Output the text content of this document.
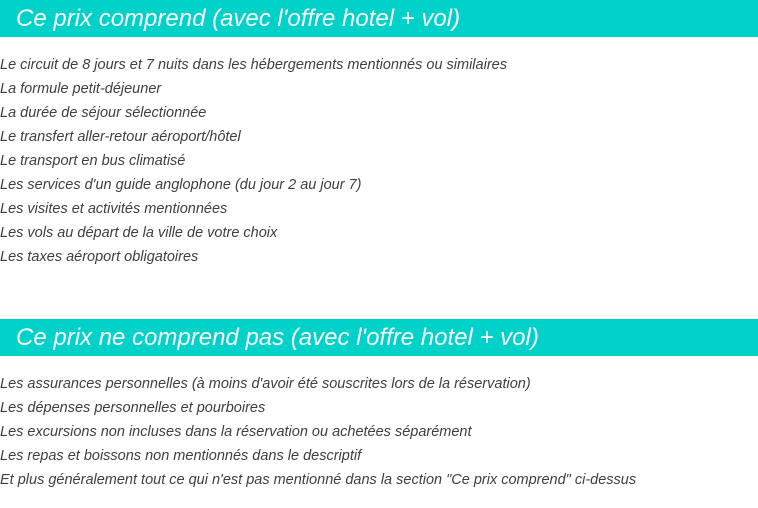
Ce prix comprend (avec l'offre hotel + vol)
Le circuit de 8 jours et 7 nuits dans les hébergements mentionnés ou similaires
La formule petit-déjeuner
La durée de séjour sélectionnée
Le transfert aller-retour aéroport/hôtel
Le transport en bus climatisé
Les services d'un guide anglophone (du jour 2 au jour 7)
Les visites et activités mentionnées
Les vols au départ de la ville de votre choix
Les taxes aéroport obligatoires
Ce prix ne comprend pas (avec l'offre hotel + vol)
Les assurances personnelles (à moins d'avoir été souscrites lors de la réservation)
Les dépenses personnelles et pourboires
Les excursions non incluses dans la réservation ou achetées séparément
Les repas et boissons non mentionnés dans le descriptif
Et plus généralement tout ce qui n'est pas mentionné dans la section "Ce prix comprend" ci-dessus
